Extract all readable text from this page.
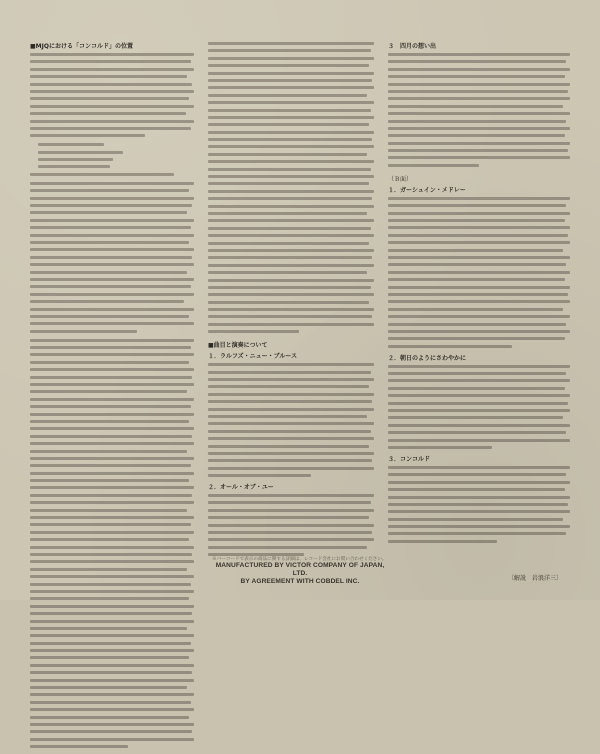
■MJQにおける「コンコルド」の位置
■曲目と演奏について
１．ラルフズ・ニュー・ブルース
２．オール・オブ・ユー
３　四月の想い出
（Ｂ面）
１．ガーシュイン・メドレー
２．朝日のようにさわやかに
３．コンコルド
〔解説　岩浪洋三〕
※バーコードで表示の商品に関する詳細は、レコード会社にお問い合わせください。
MANUFACTURED BY VICTOR COMPANY OF JAPAN, LTD.
BY AGREEMENT WITH COBDEL INC.
